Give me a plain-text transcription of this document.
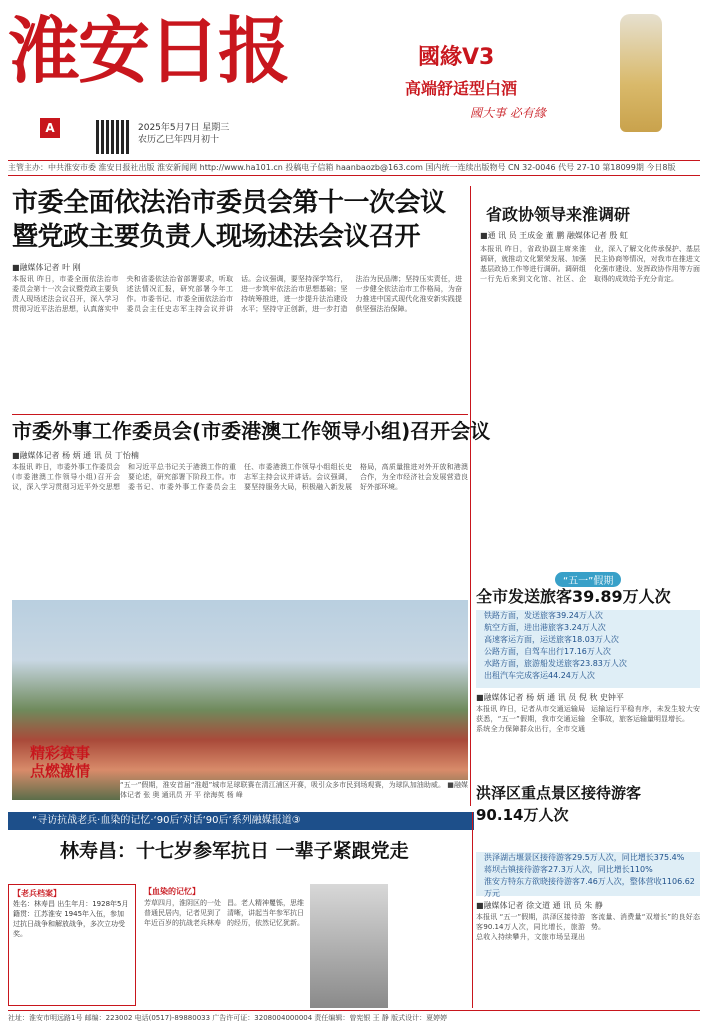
淮安日报
A版
2025年5月7日 星期三
农历乙巳年四月初十
國緣V3
高端舒适型白酒
國大事 必有緣
主管主办：中共淮安市委 淮安日报社出版 淮安新闻网 http://www.ha101.cn 投稿电子信箱 haanbaozb@163.com 国内统一连续出版物号 CN 32-0046 代号 27-10 第18099期 今日8版
市委全面依法治市委员会第十一次会议
暨党政主要负责人现场述法会议召开
■融媒体记者 叶 刚
本报讯 昨日，市委全面依法治市委员会第十一次会议暨党政主要负责人现场述法会议召开，深入学习贯彻习近平法治思想，认真落实中央和省委依法治省部署要求，听取述法情况汇报，研究部署今年工作。市委书记、市委全面依法治市委员会主任史志军主持会议并讲话。会议强调，要坚持深学笃行，进一步筑牢依法治市思想基础；坚持统筹推进，进一步提升法治建设水平；坚持守正创新，进一步打造法治为民品牌；坚持压实责任，进一步健全依法治市工作格局，为奋力推进中国式现代化淮安新实践提供坚强法治保障。
市委外事工作委员会(市委港澳工作领导小组)召开会议
■融媒体记者 杨 炳 通 讯 员 丁怡楠
本报讯 昨日，市委外事工作委员会(市委港澳工作领导小组)召开会议，深入学习贯彻习近平外交思想和习近平总书记关于港澳工作的重要论述，研究部署下阶段工作。市委书记、市委外事工作委员会主任、市委港澳工作领导小组组长史志军主持会议并讲话。会议强调，要坚持服务大局，积极融入新发展格局，高质量推进对外开放和港澳合作，为全市经济社会发展营造良好外部环境。
精彩赛事
点燃激情
“五一”假期，淮安首届“淮超”城市足球联赛在清江浦区开赛，吸引众多市民到场观赛，为球队加油助威。 ■融媒体记者 张 奥 通讯员 开 平 徐海英 杨 峰
省政协领导来淮调研
■通 讯 员 王成金 董 鹏 融媒体记者 殷 虹
本报讯 昨日，省政协副主席来淮调研，就推动文化繁荣发展、加强基层政协工作等进行调研。调研组一行先后来到文化馆、社区、企业，深入了解文化传承保护、基层民主协商等情况，对我市在推进文化强市建设、发挥政协作用等方面取得的成效给予充分肯定。
“五一”假期
全市发送旅客39.89万人次
铁路方面，发送旅客39.24万人次
航空方面，进出港旅客3.24万人次
高速客运方面，运送旅客18.03万人次
公路方面，自驾车出行17.16万人次
水路方面，旅游船发送旅客23.83万人次
出租汽车完成客运44.24万人次
■融媒体记者 杨 炳 通 讯 员 倪 秋 史钟平
本报讯 昨日，记者从市交通运输局获悉，“五一”假期，我市交通运输系统全力保障群众出行，全市交通运输运行平稳有序，未发生较大安全事故，旅客运输量明显增长。
洪泽区重点景区接待游客
90.14万人次
洪泽湖古堰景区接待游客29.5万人次，同比增长375.4%
蒋坝古镇接待游客27.3万人次，同比增长110%
淮安方特东方欲晓接待游客7.46万人次，整体营收1106.62万元
■融媒体记者 徐文道 通 讯 员 朱 静
本报讯 “五一”假期，洪泽区接待游客90.14万人次，同比增长，旅游总收入持续攀升，文旅市场呈现出客流量、消费量“双增长”的良好态势。
“寻访抗战老兵·血染的记忆·‘90后’对话‘90后’系列融媒报道③
林寿昌：十七岁参军抗日 一辈子紧跟党走
【老兵档案】
姓名：林寿昌 出生年月：1928年5月 籍贯：江苏淮安 1945年入伍，参加过抗日战争和解放战争，多次立功受奖。
【血染的记忆】
芳草四月，淮阴区的一处普通民居内，记者见到了年近百岁的抗战老兵林寿昌。老人精神矍铄，思维清晰，讲起当年参军抗日的经历，依然记忆犹新。
社址：淮安市明远路1号 邮编：223002 电话(0517)-89880033 广告许可证：3208004000004 责任编辑：曾宪银 王 静 版式设计：夏婷婷
